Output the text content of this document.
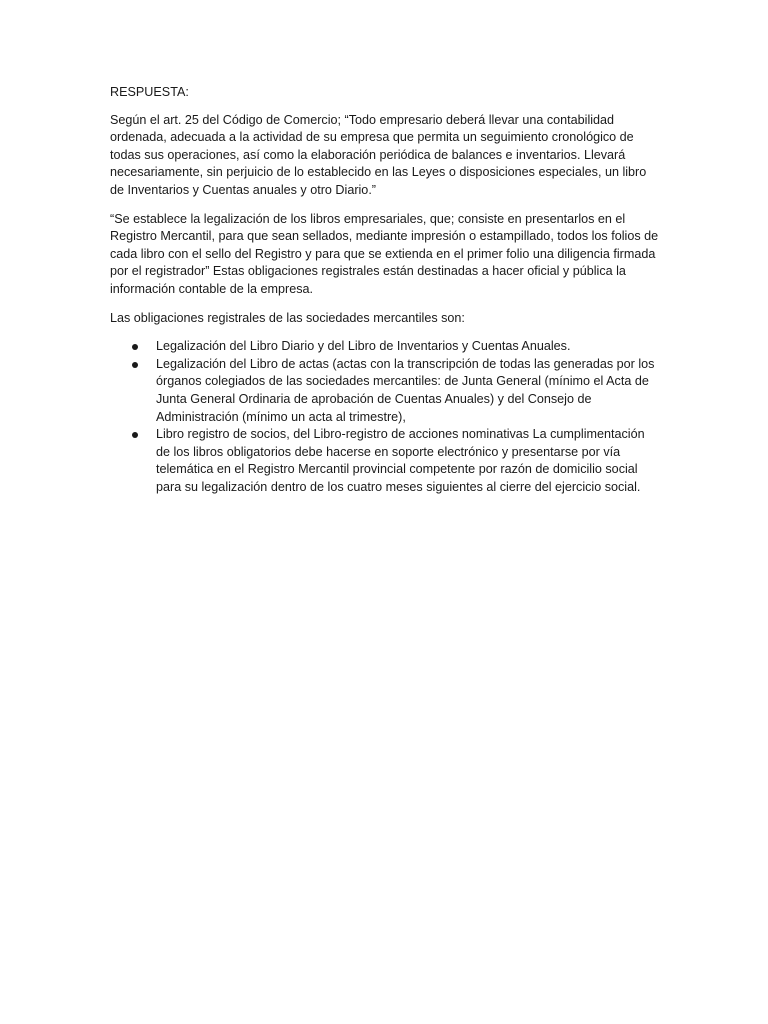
RESPUESTA:

Según el art. 25 del Código de Comercio; “Todo empresario deberá llevar una contabilidad ordenada, adecuada a la actividad de su empresa que permita un seguimiento cronológico de todas sus operaciones, así como la elaboración periódica de balances e inventarios. Llevará necesariamente, sin perjuicio de lo establecido en las Leyes o disposiciones especiales, un libro de Inventarios y Cuentas anuales y otro Diario.”

“Se establece la legalización de los libros empresariales, que; consiste en presentarlos en el Registro Mercantil, para que sean sellados, mediante impresión o estampillado, todos los folios de cada libro con el sello del Registro y para que se extienda en el primer folio una diligencia firmada por el registrador” Estas obligaciones registrales están destinadas a hacer oficial y pública la información contable de la empresa.

Las obligaciones registrales de las sociedades mercantiles son:

Legalización del Libro Diario y del Libro de Inventarios y Cuentas Anuales.
Legalización del Libro de actas (actas con la transcripción de todas las generadas por los órganos colegiados de las sociedades mercantiles: de Junta General (mínimo el Acta de Junta General Ordinaria de aprobación de Cuentas Anuales) y del Consejo de Administración (mínimo un acta al trimestre),
Libro registro de socios, del Libro-registro de acciones nominativas La cumplimentación de los libros obligatorios debe hacerse en soporte electrónico y presentarse por vía telemática en el Registro Mercantil provincial competente por razón de domicilio social para su legalización dentro de los cuatro meses siguientes al cierre del ejercicio social.
